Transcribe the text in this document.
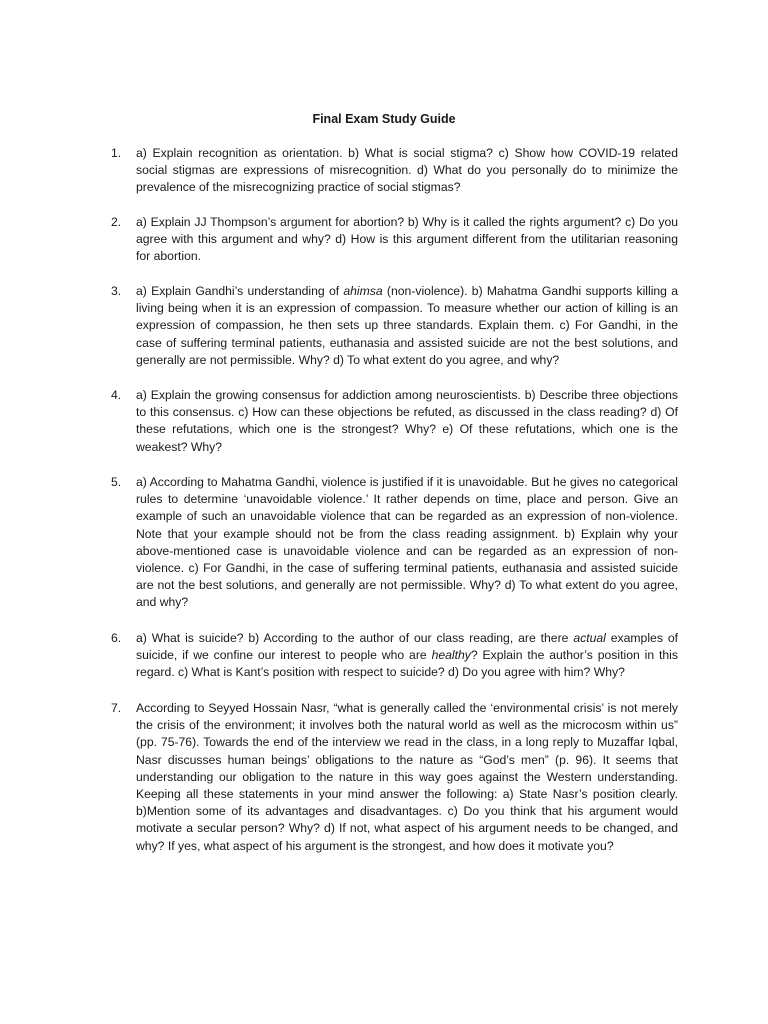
Final Exam Study Guide
1. a) Explain recognition as orientation. b) What is social stigma? c) Show how COVID-19 related social stigmas are expressions of misrecognition. d) What do you personally do to minimize the prevalence of the misrecognizing practice of social stigmas?
2. a) Explain JJ Thompson’s argument for abortion? b) Why is it called the rights argument? c) Do you agree with this argument and why? d) How is this argument different from the utilitarian reasoning for abortion.
3. a) Explain Gandhi’s understanding of ahimsa (non-violence). b) Mahatma Gandhi supports killing a living being when it is an expression of compassion. To measure whether our action of killing is an expression of compassion, he then sets up three standards. Explain them. c) For Gandhi, in the case of suffering terminal patients, euthanasia and assisted suicide are not the best solutions, and generally are not permissible. Why? d) To what extent do you agree, and why?
4. a) Explain the growing consensus for addiction among neuroscientists. b) Describe three objections to this consensus. c) How can these objections be refuted, as discussed in the class reading? d) Of these refutations, which one is the strongest? Why? e) Of these refutations, which one is the weakest? Why?
5. a) According to Mahatma Gandhi, violence is justified if it is unavoidable. But he gives no categorical rules to determine ‘unavoidable violence.’ It rather depends on time, place and person. Give an example of such an unavoidable violence that can be regarded as an expression of non-violence. Note that your example should not be from the class reading assignment. b) Explain why your above-mentioned case is unavoidable violence and can be regarded as an expression of non-violence. c) For Gandhi, in the case of suffering terminal patients, euthanasia and assisted suicide are not the best solutions, and generally are not permissible. Why? d) To what extent do you agree, and why?
6. a) What is suicide? b) According to the author of our class reading, are there actual examples of suicide, if we confine our interest to people who are healthy? Explain the author’s position in this regard. c) What is Kant’s position with respect to suicide? d) Do you agree with him? Why?
7. According to Seyyed Hossain Nasr, “what is generally called the ‘environmental crisis’ is not merely the crisis of the environment; it involves both the natural world as well as the microcosm within us” (pp. 75-76). Towards the end of the interview we read in the class, in a long reply to Muzaffar Iqbal, Nasr discusses human beings’ obligations to the nature as “God’s men” (p. 96). It seems that understanding our obligation to the nature in this way goes against the Western understanding. Keeping all these statements in your mind answer the following: a) State Nasr’s position clearly. b)Mention some of its advantages and disadvantages. c) Do you think that his argument would motivate a secular person? Why? d) If not, what aspect of his argument needs to be changed, and why? If yes, what aspect of his argument is the strongest, and how does it motivate you?
